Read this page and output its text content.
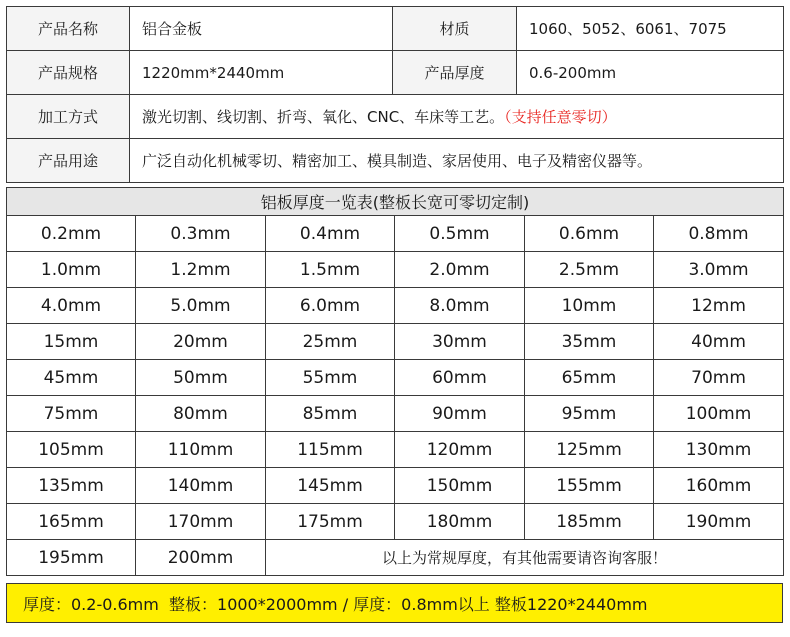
产品名称	铝合金板	材质	1060、5052、6061、7075
产品规格	1220mm*2440mm	产品厚度	0.6-200mm
加工方式	激光切割、线切割、折弯、氧化、CNC、车床等工艺。（支持任意零切）		
产品用途	广泛自动化机械零切、精密加工、模具制造、家居使用、电子及精密仪器等。		
铝板厚度一览表(整板长宽可零切定制)					
0.2mm	0.3mm	0.4mm	0.5mm	0.6mm	0.8mm
1.0mm	1.2mm	1.5mm	2.0mm	2.5mm	3.0mm
4.0mm	5.0mm	6.0mm	8.0mm	10mm	12mm
15mm	20mm	25mm	30mm	35mm	40mm
45mm	50mm	55mm	60mm	65mm	70mm
75mm	80mm	85mm	90mm	95mm	100mm
105mm	110mm	115mm	120mm	125mm	130mm
135mm	140mm	145mm	150mm	155mm	160mm
165mm	170mm	175mm	180mm	185mm	190mm
195mm	200mm	以上为常规厚度，有其他需要请咨询客服！			
厚度：0.2-0.6mm  整板：1000*2000mm / 厚度：0.8mm以上 整板1220*2440mm
